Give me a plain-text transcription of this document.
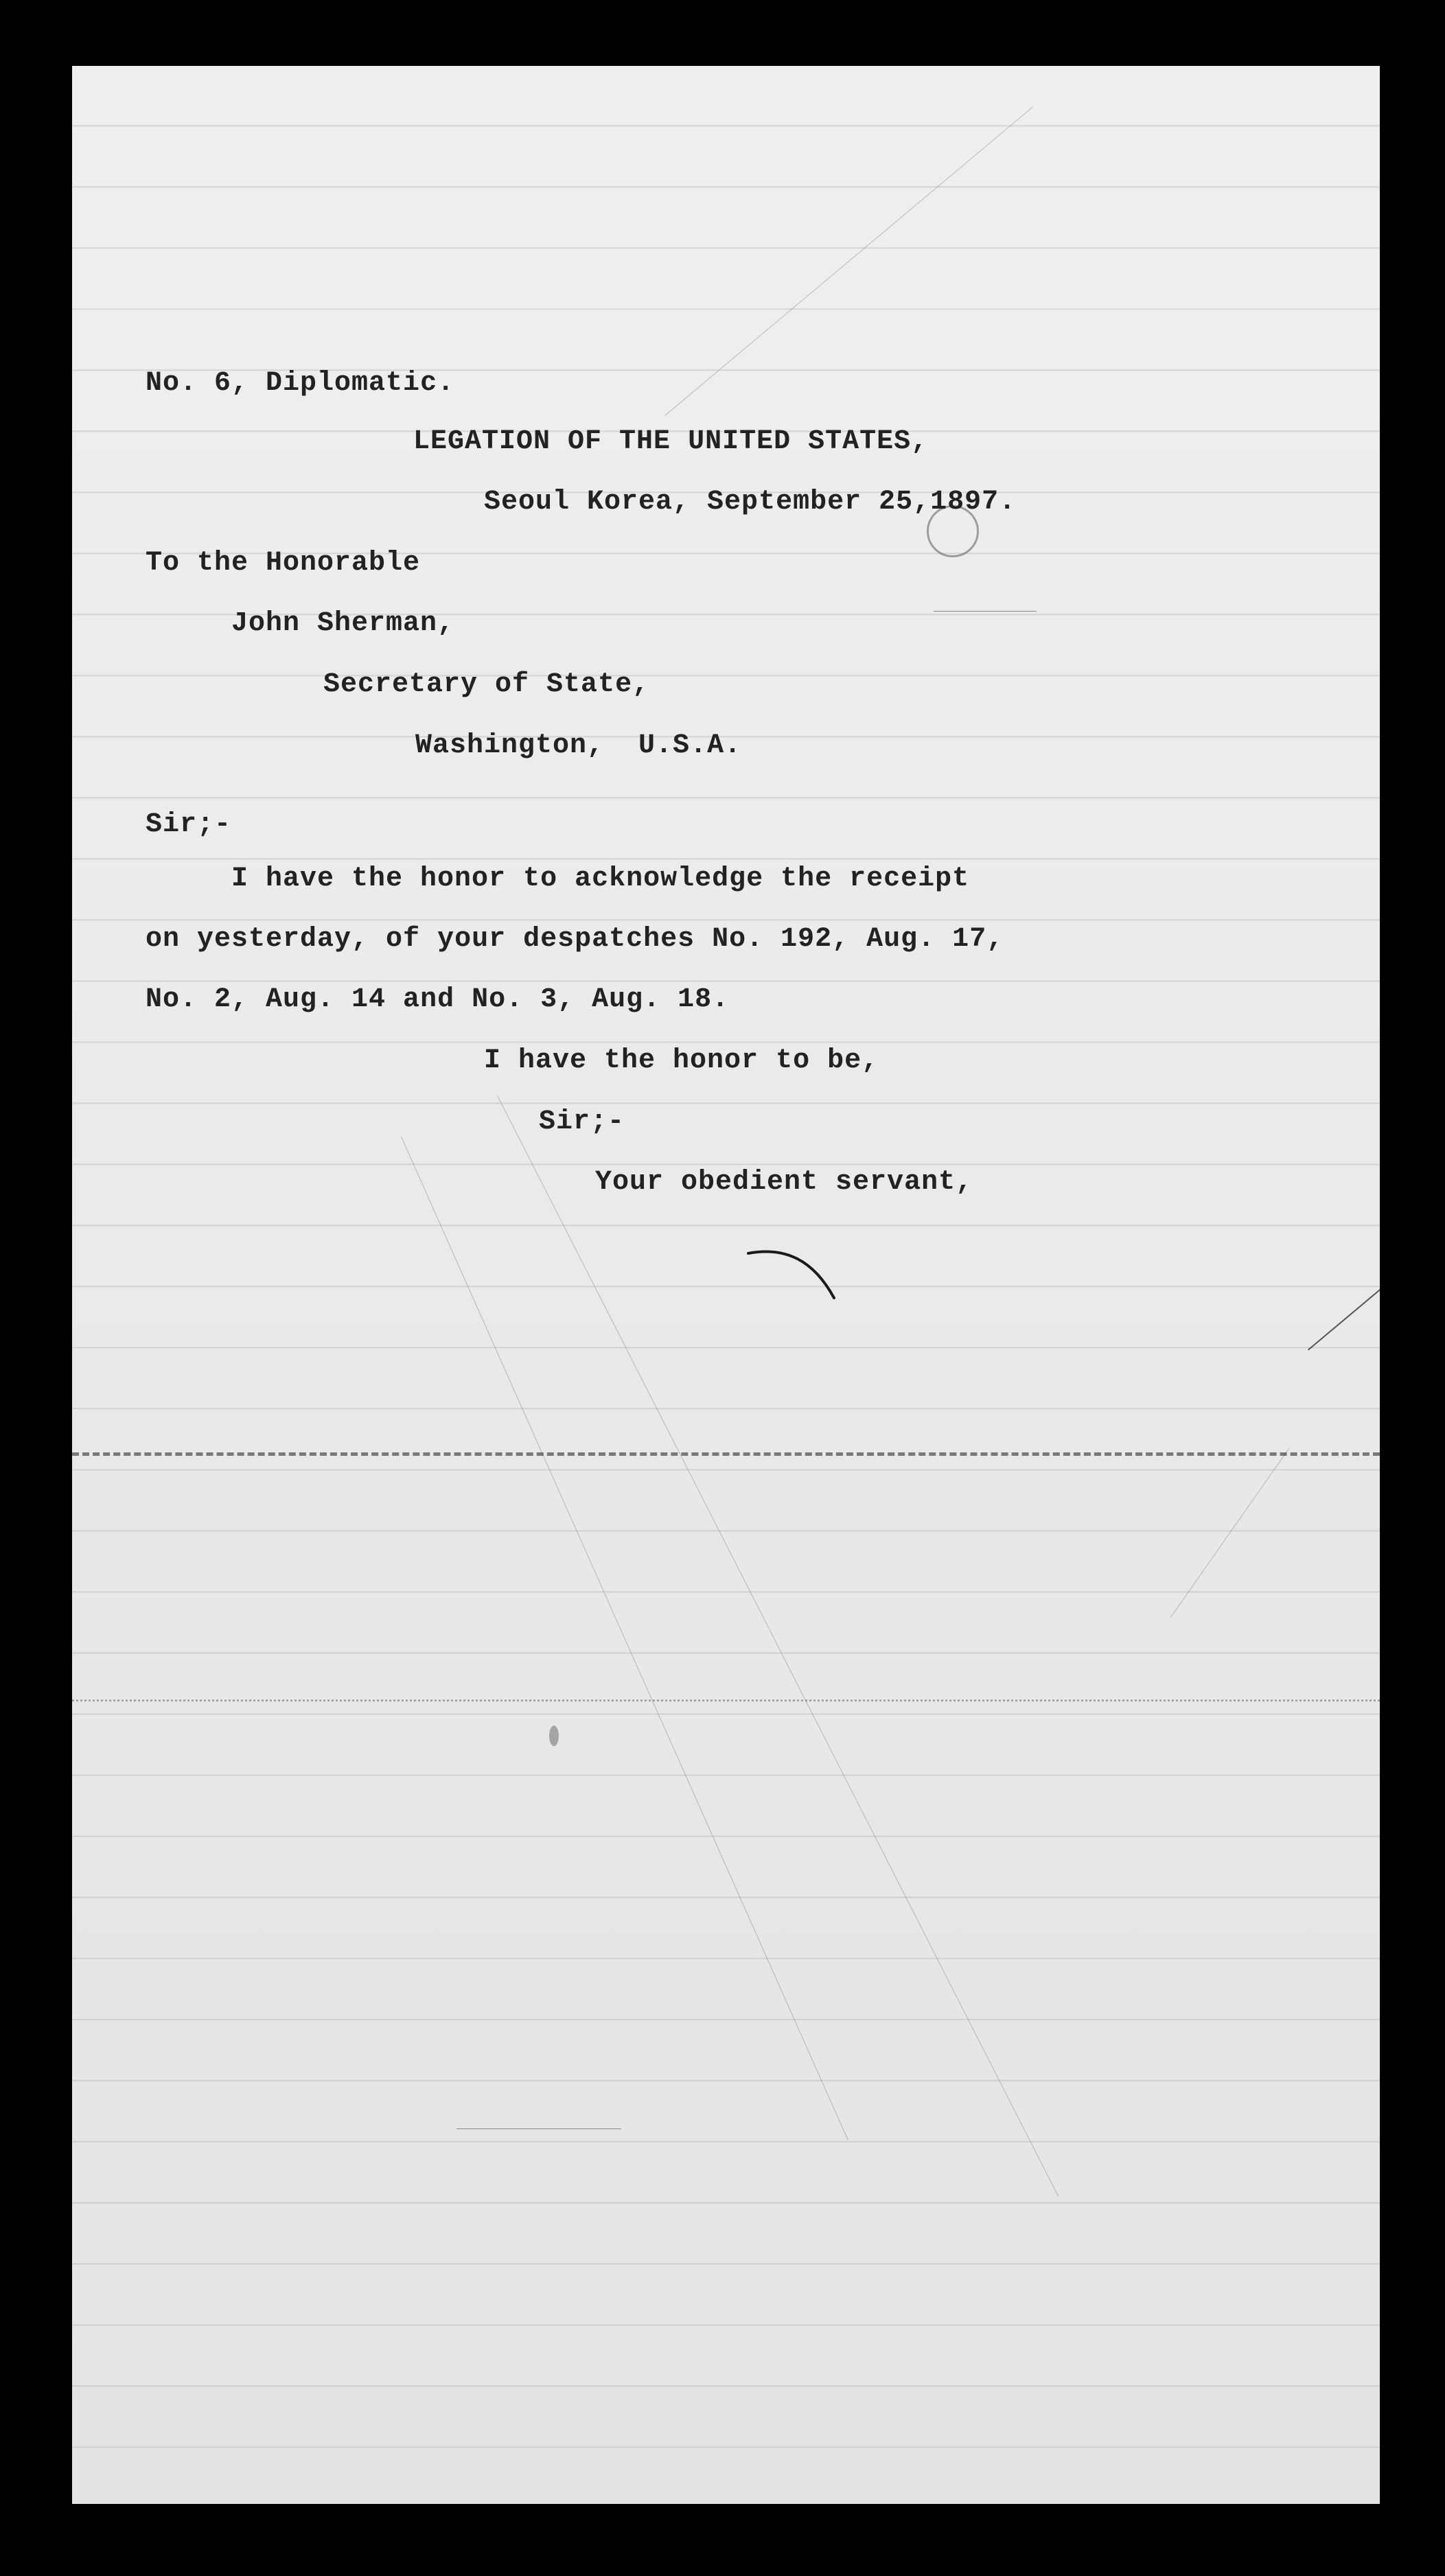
No. 6, Diplomatic.
LEGATION OF THE UNITED STATES,
Seoul Korea, September 25,1897.
To the Honorable
John Sherman,
Secretary of State,
Washington,  U.S.A.
Sir;-
I have the honor to acknowledge the receipt
on yesterday, of your despatches No. 192, Aug. 17,
No. 2, Aug. 14 and No. 3, Aug. 18.
I have the honor to be,
Sir;-
Your obedient servant,
